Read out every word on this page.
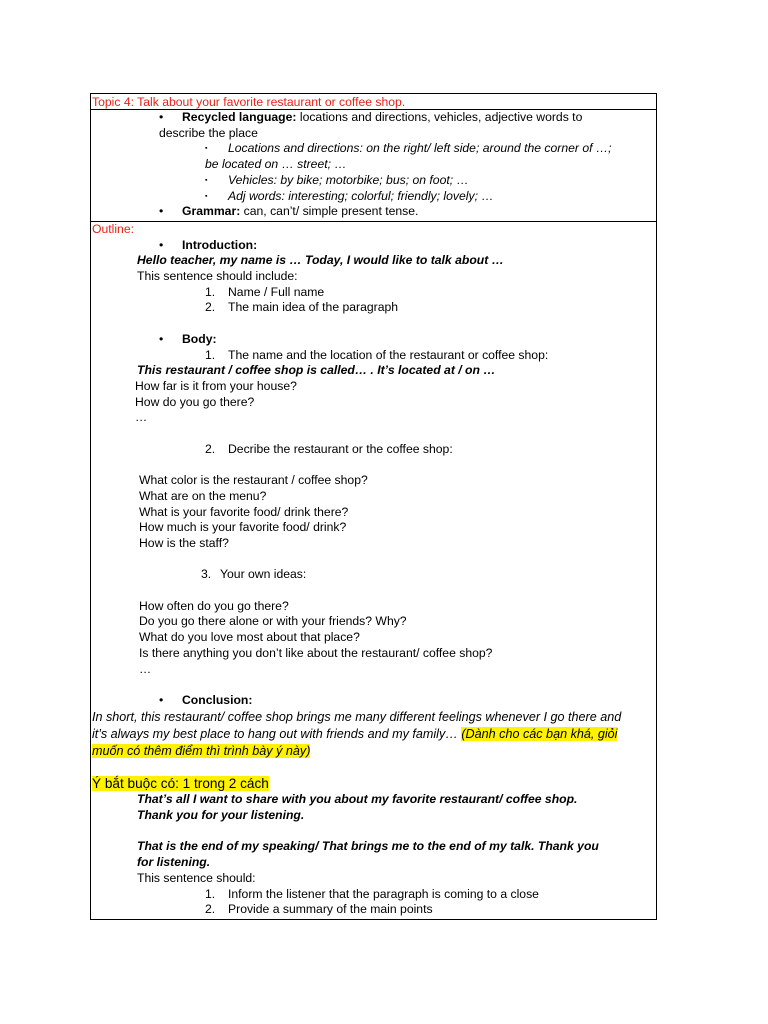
Topic 4: Talk about your favorite restaurant or coffee shop.
• Recycled language: locations and directions, vehicles, adjective words to
describe the place
▪ Locations and directions: on the right/ left side; around the corner of …;
be located on … street; …
▪ Vehicles: by bike; motorbike; bus; on foot; …
▪ Adj words: interesting; colorful; friendly; lovely; …
• Grammar: can, can’t/ simple present tense.
Outline:
• Introduction:
Hello teacher, my name is … Today, I would like to talk about …
This sentence should include:
1. Name / Full name
2. The main idea of the paragraph
• Body:
1. The name and the location of the restaurant or coffee shop:
This restaurant / coffee shop is called… . It’s located at / on …
How far is it from your house?
How do you go there?
…
2. Decribe the restaurant or the coffee shop:
What color is the restaurant / coffee shop?
What are on the menu?
What is your favorite food/ drink there?
How much is your favorite food/ drink?
How is the staff?
3. Your own ideas:
How often do you go there?
Do you go there alone or with your friends? Why?
What do you love most about that place?
Is there anything you don’t like about the restaurant/ coffee shop?
…
• Conclusion:
In short, this restaurant/ coffee shop brings me many different feelings whenever I go there and
it’s always my best place to hang out with friends and my family… (Dành cho các bạn khá, giỏi
muốn có thêm điểm thì trình bày ý này)
Ý bắt buộc có: 1 trong 2 cách
That’s all I want to share with you about my favorite restaurant/ coffee shop.
Thank you for your listening.
That is the end of my speaking/ That brings me to the end of my talk. Thank you
for listening.
This sentence should:
1. Inform the listener that the paragraph is coming to a close
2. Provide a summary of the main points
